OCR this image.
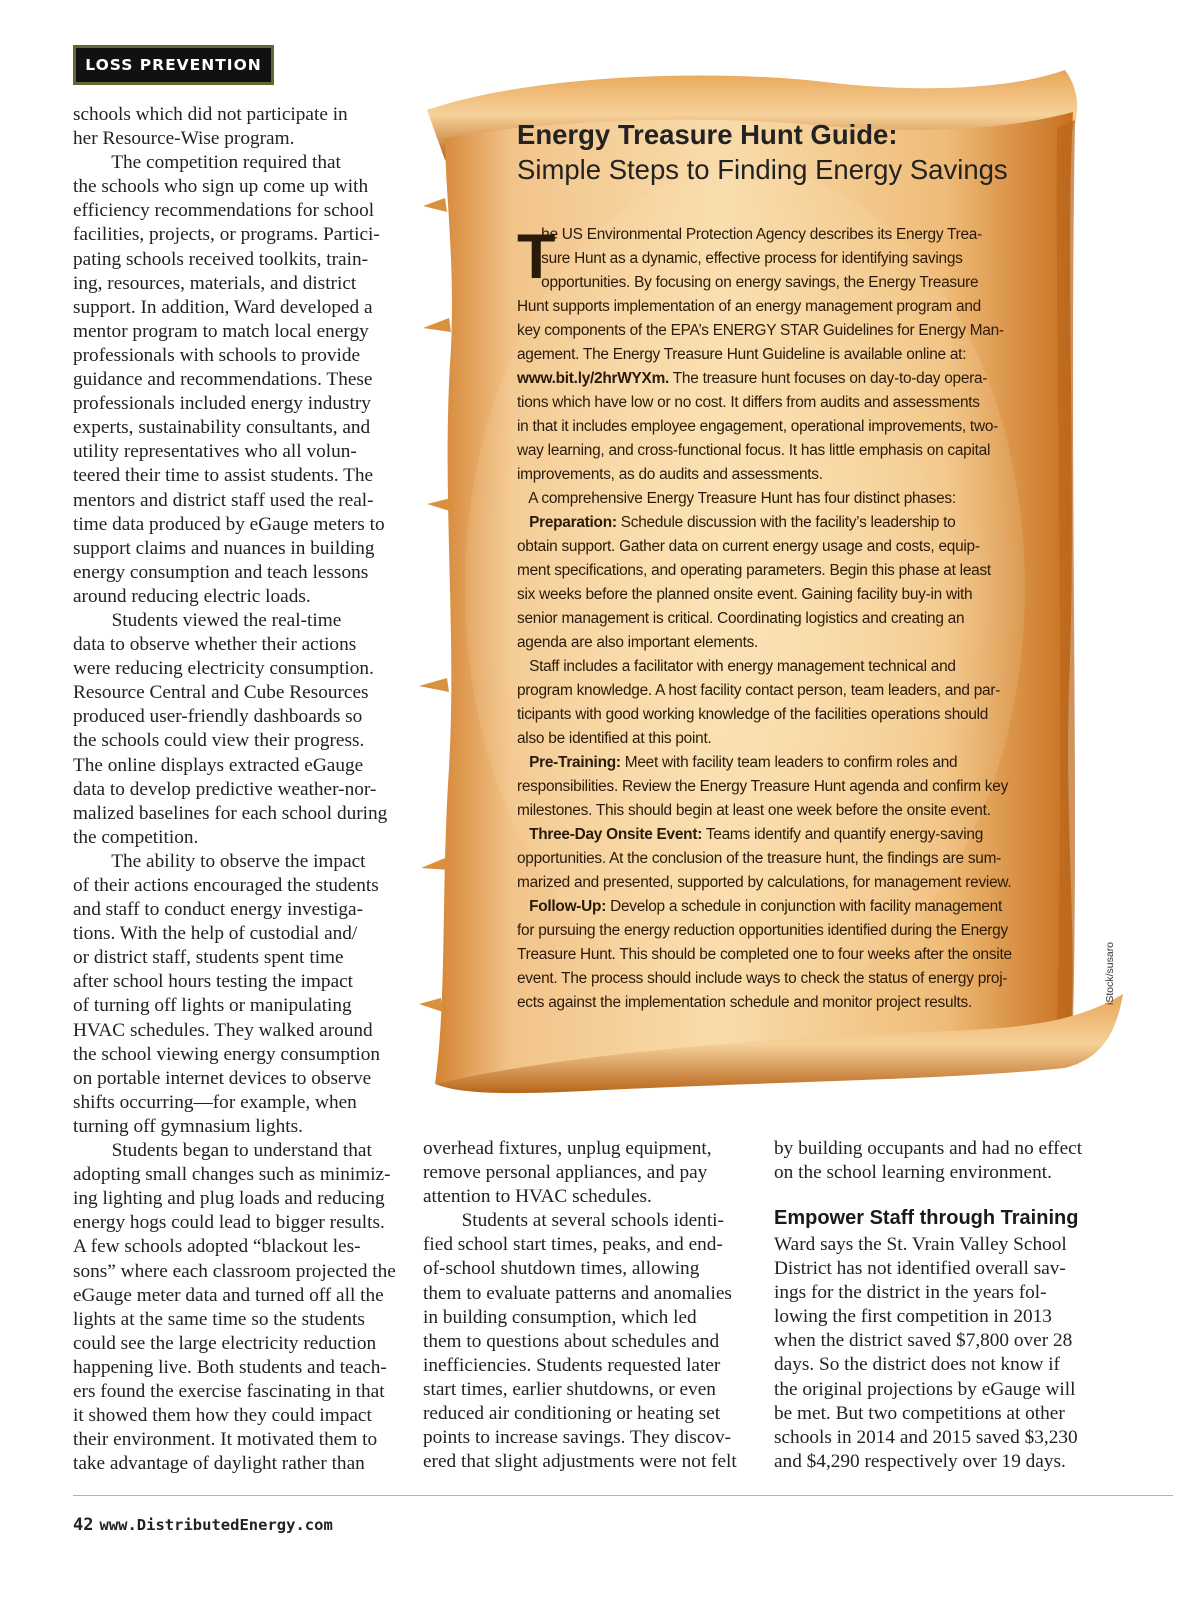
LOSS PREVENTION

schools which did not participate in
her Resource-Wise program.
The competition required that
the schools who sign up come up with
efficiency recommendations for school
facilities, projects, or programs. Partici-
pating schools received toolkits, train-
ing, resources, materials, and district
support. In addition, Ward developed a
mentor program to match local energy
professionals with schools to provide
guidance and recommendations. These
professionals included energy industry
experts, sustainability consultants, and
utility representatives who all volun-
teered their time to assist students. The
mentors and district staff used the real-
time data produced by eGauge meters to
support claims and nuances in building
energy consumption and teach lessons
around reducing electric loads.
Students viewed the real-time
data to observe whether their actions
were reducing electricity consumption.
Resource Central and Cube Resources
produced user-friendly dashboards so
the schools could view their progress.
The online displays extracted eGauge
data to develop predictive weather-nor-
malized baselines for each school during
the competition.
The ability to observe the impact
of their actions encouraged the students
and staff to conduct energy investiga-
tions. With the help of custodial and/
or district staff, students spent time
after school hours testing the impact
of turning off lights or manipulating
HVAC schedules. They walked around
the school viewing energy consumption
on portable internet devices to observe
shifts occurring—for example, when
turning off gymnasium lights.
Students began to understand that
adopting small changes such as minimiz-
ing lighting and plug loads and reducing
energy hogs could lead to bigger results.
A few schools adopted “blackout les-
sons” where each classroom projected the
eGauge meter data and turned off all the
lights at the same time so the students
could see the large electricity reduction
happening live. Both students and teach-
ers found the exercise fascinating in that
it showed them how they could impact
their environment. It motivated them to
take advantage of daylight rather than

Energy Treasure Hunt Guide:
Simple Steps to Finding Energy Savings
T

he US Environmental Protection Agency describes its Energy Trea-
sure Hunt as a dynamic, effective process for identifying savings
opportunities. By focusing on energy savings, the Energy Treasure
Hunt supports implementation of an energy management program and
key components of the EPA’s ENERGY STAR Guidelines for Energy Man-
agement. The Energy Treasure Hunt Guideline is available online at:
www.bit.ly/2hrWYXm. The treasure hunt focuses on day-to-day opera-
tions which have low or no cost. It differs from audits and assessments
in that it includes employee engagement, operational improvements, two-
way learning, and cross-functional focus. It has little emphasis on capital
improvements, as do audits and assessments.
A comprehensive Energy Treasure Hunt has four distinct phases:
Preparation: Schedule discussion with the facility’s leadership to
obtain support. Gather data on current energy usage and costs, equip-
ment specifications, and operating parameters. Begin this phase at least
six weeks before the planned onsite event. Gaining facility buy-in with
senior management is critical. Coordinating logistics and creating an
agenda are also important elements.
Staff includes a facilitator with energy management technical and
program knowledge. A host facility contact person, team leaders, and par-
ticipants with good working knowledge of the facilities operations should
also be identified at this point.
Pre-Training: Meet with facility team leaders to confirm roles and
responsibilities. Review the Energy Treasure Hunt agenda and confirm key
milestones. This should begin at least one week before the onsite event.
Three-Day Onsite Event: Teams identify and quantify energy-saving
opportunities. At the conclusion of the treasure hunt, the findings are sum-
marized and presented, supported by calculations, for management review.
Follow-Up: Develop a schedule in conjunction with facility management
for pursuing the energy reduction opportunities identified during the Energy
Treasure Hunt. This should be completed one to four weeks after the onsite
event. The process should include ways to check the status of energy proj-
ects against the implementation schedule and monitor project results.	iStock/susaro

overhead fixtures, unplug equipment,
remove personal appliances, and pay
attention to HVAC schedules.
Students at several schools identi-
fied school start times, peaks, and end-
of-school shutdown times, allowing
them to evaluate patterns and anomalies
in building consumption, which led
them to questions about schedules and
inefficiencies. Students requested later
start times, earlier shutdowns, or even
reduced air conditioning or heating set
points to increase savings. They discov-
ered that slight adjustments were not felt

by building occupants and had no effect
on the school learning environment.

Empower Staff through Training

Ward says the St. Vrain Valley School
District has not identified overall sav-
ings for the district in the years fol-
lowing the first competition in 2013
when the district saved $7,800 over 28
days. So the district does not know if
the original projections by eGauge will
be met. But two competitions at other
schools in 2014 and 2015 saved $3,230
and $4,290 respectively over 19 days.

42 www.DistributedEnergy.com
